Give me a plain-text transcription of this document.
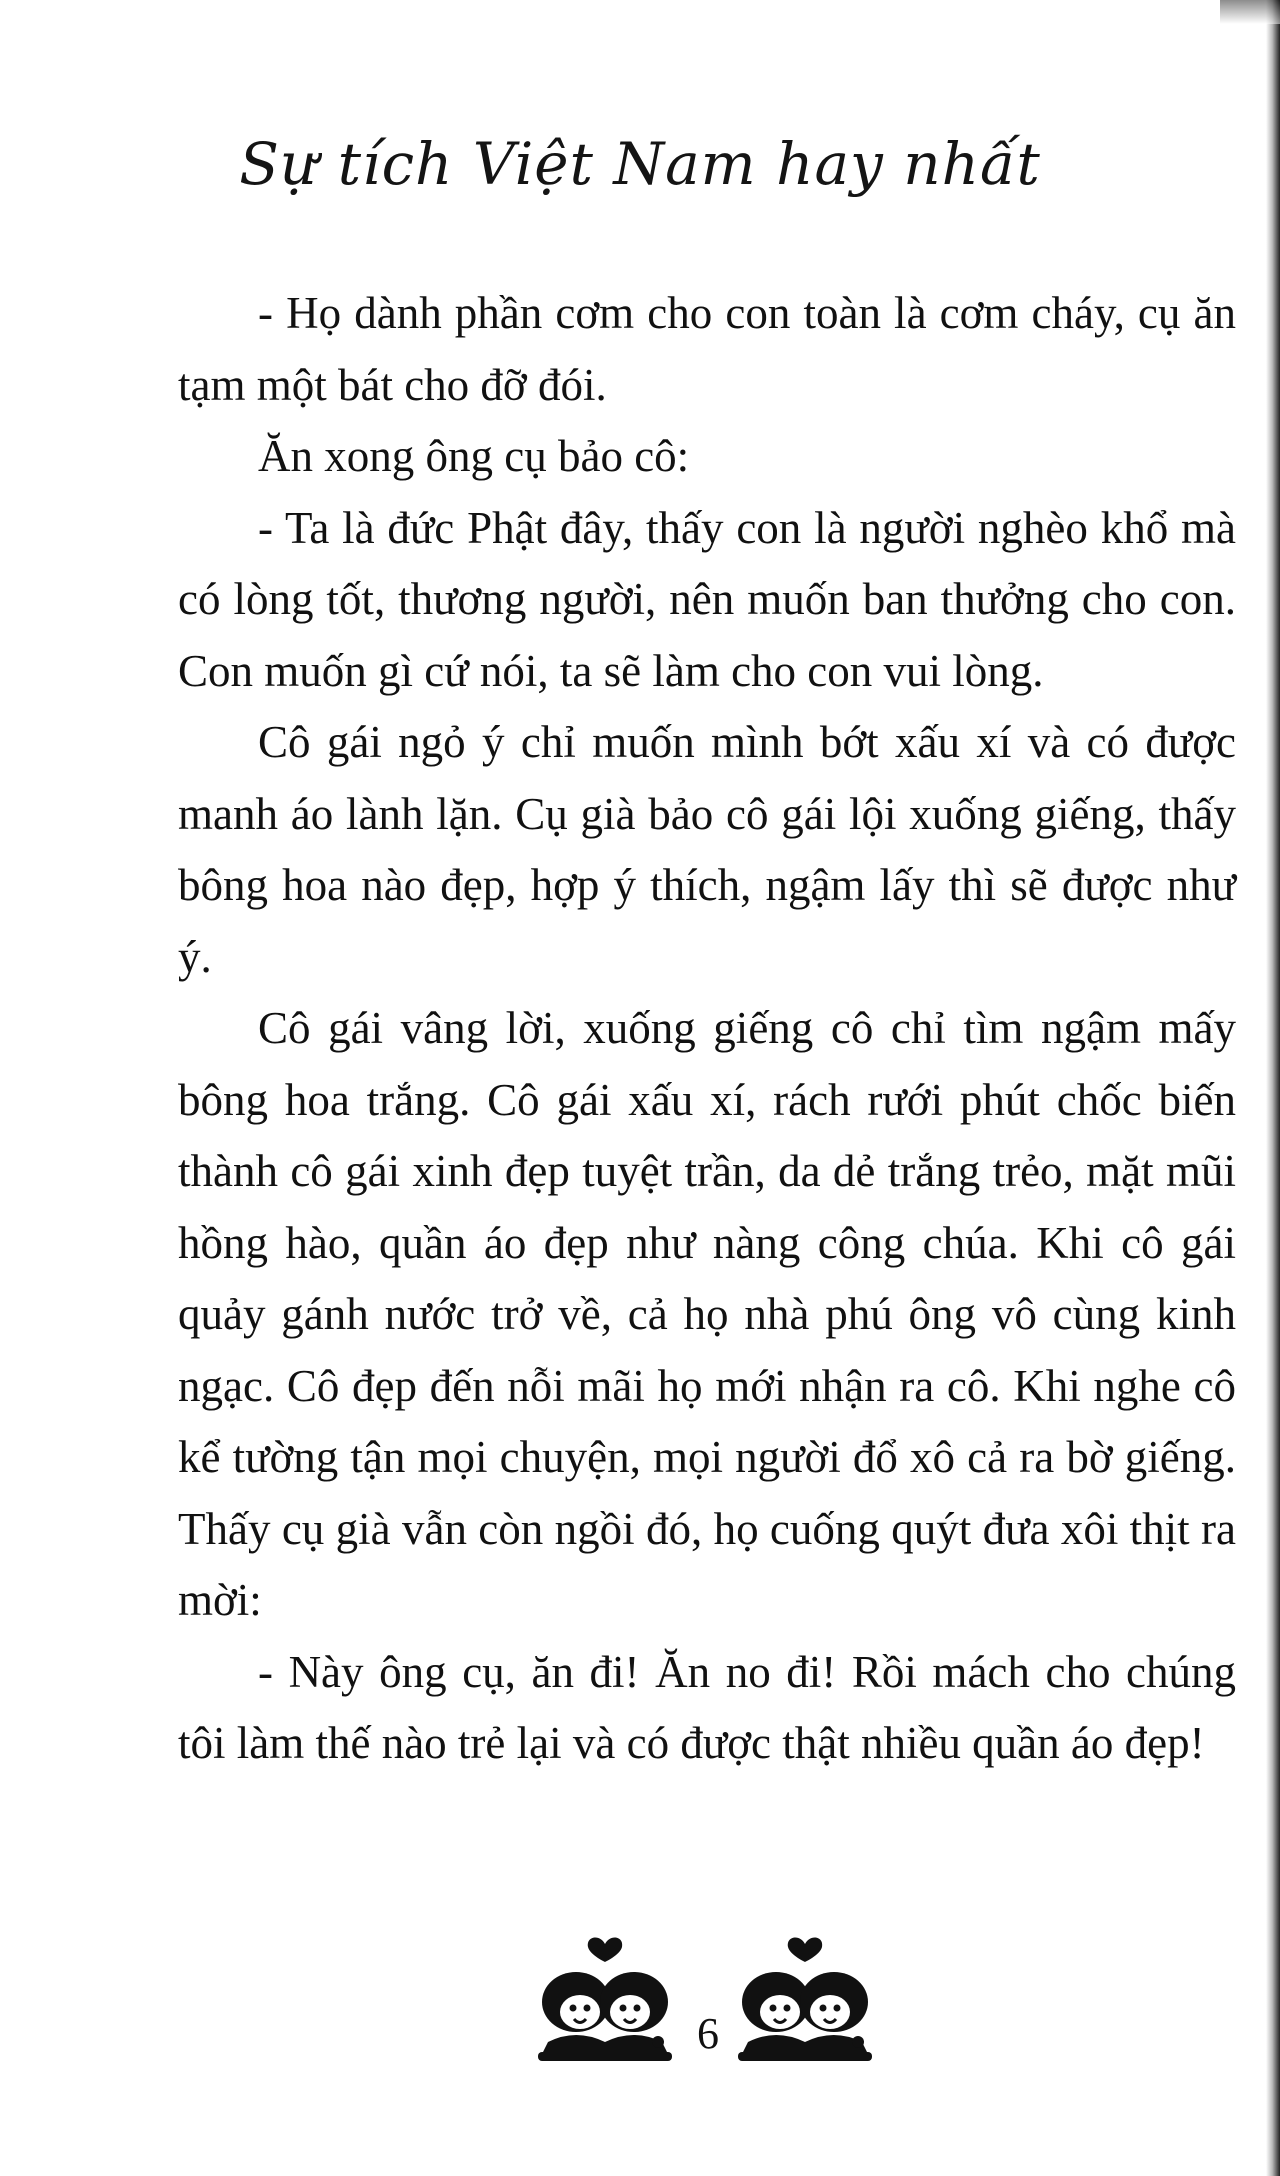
Sự tích Việt Nam hay nhất

- Họ dành phần cơm cho con toàn là cơm cháy, cụ ăn tạm một bát cho đỡ đói.

Ăn xong ông cụ bảo cô:

- Ta là đức Phật đây, thấy con là người nghèo khổ mà có lòng tốt, thương người, nên muốn ban thưởng cho con. Con muốn gì cứ nói, ta sẽ làm cho con vui lòng.

Cô gái ngỏ ý chỉ muốn mình bớt xấu xí và có được manh áo lành lặn. Cụ già bảo cô gái lội xuống giếng, thấy bông hoa nào đẹp, hợp ý thích, ngậm lấy thì sẽ được như ý.

Cô gái vâng lời, xuống giếng cô chỉ tìm ngậm mấy bông hoa trắng. Cô gái xấu xí, rách rưới phút chốc biến thành cô gái xinh đẹp tuyệt trần, da dẻ trắng trẻo, mặt mũi hồng hào, quần áo đẹp như nàng công chúa. Khi cô gái quảy gánh nước trở về, cả họ nhà phú ông vô cùng kinh ngạc. Cô đẹp đến nỗi mãi họ mới nhận ra cô. Khi nghe cô kể tường tận mọi chuyện, mọi người đổ xô cả ra bờ giếng. Thấy cụ già vẫn còn ngồi đó, họ cuống quýt đưa xôi thịt ra mời:

- Này ông cụ, ăn đi! Ăn no đi! Rồi mách cho chúng tôi làm thế nào trẻ lại và có được thật nhiều quần áo đẹp!

6
